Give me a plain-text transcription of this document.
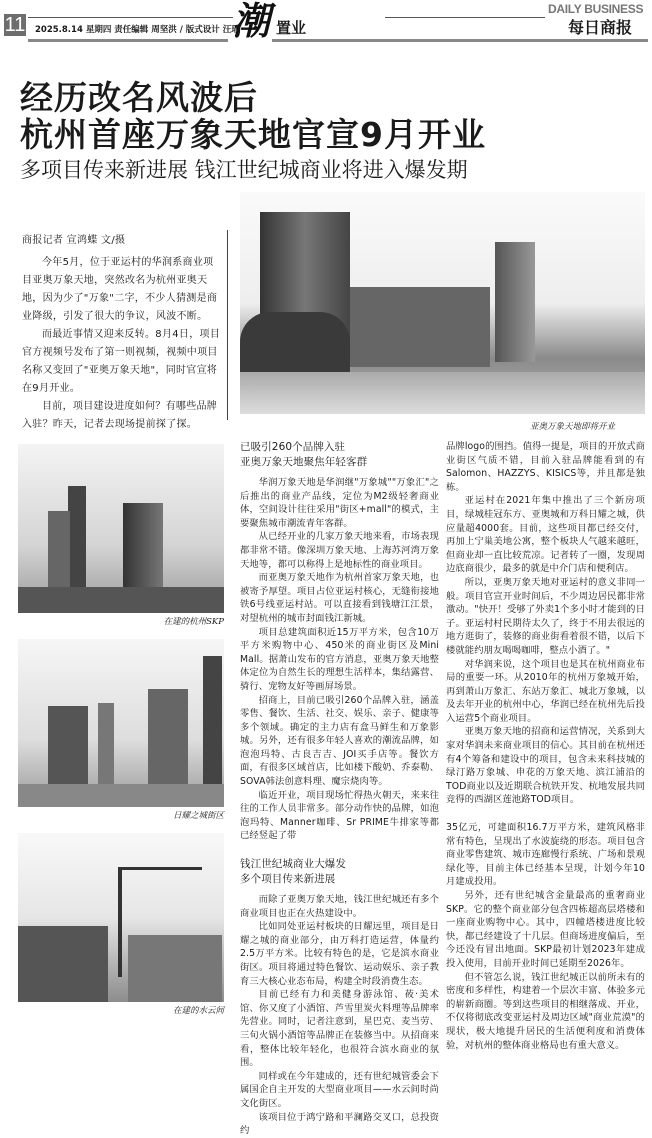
11 2025.8.14 星期四 责任编辑 周坚洪 / 版式设计 汪瑶
潮 置业
DAILY BUSINESS
每日商报
经历改名风波后
杭州首座万象天地官宣9月开业
多项目传来新进展 钱江世纪城商业将进入爆发期

商报记者 宣鸿蝶 文/摄

今年5月，位于亚运村的华润系商业项目亚奥万象天地，突然改名为杭州亚奥天地，因为少了"万象"二字，不少人猜测是商业降级，引发了很大的争议，风波不断。

而最近事情又迎来反转。8月4日，项目官方视频号发布了第一则视频，视频中项目名称又变回了"亚奥万象天地"，同时官宣将在9月开业。

目前，项目建设进度如何？有哪些品牌入驻？昨天，记者去现场提前探了探。

在建的杭州SKP
日耀之城街区
在建的水云间
亚奥万象天地即将开业
已吸引260个品牌入驻
亚奥万象天地聚焦年轻客群

华润万象天地是华润继"万象城""万象汇"之后推出的商业产品线，定位为M2级轻奢商业体，空间设计往往采用"街区+mall"的模式，主要聚焦城市潮流青年客群。

从已经开业的几家万象天地来看，市场表现都非常不错。像深圳万象天地、上海苏河湾万象天地等，都可以称得上是地标性的商业项目。

而亚奥万象天地作为杭州首家万象天地，也被寄予厚望。项目占位亚运村核心，无缝衔接地铁6号线亚运村站。可以直接看到钱塘江江景，对望杭州的城市封面钱江新城。

项目总建筑面积近15万平方米，包含10万平方米购物中心、450米的商业街区及Mini Mall。据萧山发布的官方消息，亚奥万象天地整体定位为自然生长的理想生活样本，集结露营、骑行、宠物友好等画屏场景。

招商上，目前已吸引260个品牌入驻，涵盖零售、餐饮、生活、社交、娱乐、亲子、健康等多个领域。确定的主力店有盒马鲜生和万象影城。另外，还有很多年轻人喜欢的潮流品牌，如泡泡玛特、古良吉吉、JOI买手店等。餐饮方面，有很多区域首店，比如楼下酸奶、乔泰勒、SOVA韩法创意料理、魔宗烧肉等。

临近开业，项目现场忙得热火朝天，来来往往的工作人员非常多。部分动作快的品牌，如泡泡玛特、Manner咖啡、Sr PRIME牛排家等都已经竖起了带

钱江世纪城商业大爆发
多个项目传来新进展

而除了亚奥万象天地，钱江世纪城还有多个商业项目也正在火热建设中。

比如同处亚运村板块的日耀远里，项目是日耀之城的商业部分，由万科打造运营，体量约2.5万平方米。比较有特色的是，它是滨水商业街区。项目将通过特色餐饮、运动娱乐、亲子教育三大核心业态布局，构建全时段消费生态。

目前已经有力和美健身游泳馆、莜·美术馆、你又度了小酒馆、芦雪里炭火料理等品牌率先营业。同时，记者注意到，星巴克、麦当劳、三旬火锅小酒馆等品牌正在装修当中。从招商来看，整体比较年轻化，也很符合滨水商业的氛围。

同样或在今年建成的，还有世纪城管委会下属国企自主开发的大型商业项目——水云间时尚文化街区。

该项目位于鸿宁路和平澜路交叉口，总投资约

品牌logo的围挡。值得一提是，项目的开放式商业街区气质不错，目前入驻品牌能看到的有Salomon、HAZZYS、KISICS等，并且都是独栋。

亚运村在2021年集中推出了三个新房项目，绿城桂冠东方、亚奥城和万科日耀之城，供应量超4000套。目前，这些项目都已经交付，再加上宁巢美地公寓，整个板块人气越来越旺，但商业却一直比较荒凉。记者转了一圈，发现周边底商很少，最多的就是中介门店和便利店。

所以，亚奥万象天地对亚运村的意义非同一般。项目官宣开业时间后，不少周边居民都非常激动。"快开！受够了外卖1个多小时才能到的日子。亚运村村民期待太久了，终于不用去很远的地方逛街了，装修的商业街看着很不错，以后下楼就能约朋友喝喝咖啡，整点小酒了。"

对华润来说，这个项目也是其在杭州商业布局的重要一环。从2010年的杭州万象城开始，再到萧山万象汇、东站万象汇、城北万象城，以及去年开业的杭州中心，华润已经在杭州先后投入运营5个商业项目。

亚奥万象天地的招商和运营情况，关系到大家对华润未来商业项目的信心。其目前在杭州还有4个筹备和建设中的项目，包含未来科技城的绿汀路万象城、申花的万象天地、滨江浦沿的TOD商业以及近期联合杭铁开发、杭地发展共同竞得的西湖区莲池路TOD项目。

35亿元，可建面积16.7万平方米，建筑风格非常有特色，呈现出了水波旋绕的形态。项目包含商业零售建筑、城市连廊慢行系统、广场和景观绿化等，目前主体已经基本呈现，计划今年10月建成投用。

另外，还有世纪城含金量最高的重奢商业SKP。它的整个商业部分包含四栋超高层塔楼和一座商业购物中心。其中，四幢塔楼进度比较快，都已经建设了十几层。但商场进度偏后，至今还没有冒出地面。SKP最初计划2023年建成投入使用，目前开业时间已延期至2026年。

但不管怎么说，钱江世纪城正以前所未有的密度和多样性，构建着一个层次丰富、体验多元的崭新商圈。等到这些项目的相继落成、开业，不仅将彻底改变亚运村及周边区域"商业荒漠"的现状，极大地提升居民的生活便利度和消费体验，对杭州的整体商业格局也有重大意义。
